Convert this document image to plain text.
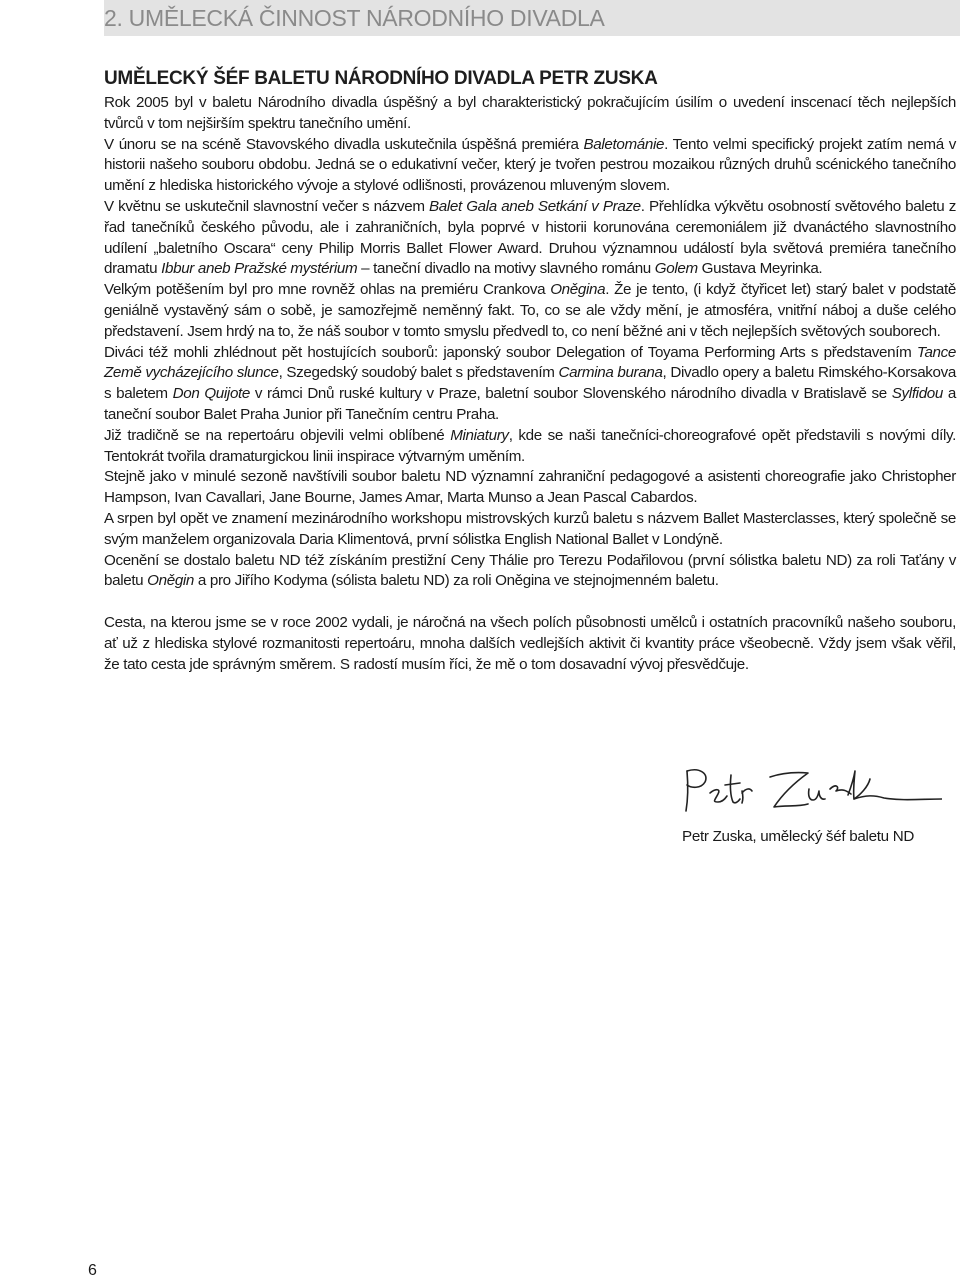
2. UMĚLECKÁ ČINNOST NÁRODNÍHO DIVADLA
UMĚLECKÝ ŠÉF BALETU NÁRODNÍHO DIVADLA PETR ZUSKA

Rok 2005 byl v baletu Národního divadla úspěšný a byl charakteristický pokračujícím úsilím o uvedení inscenací těch nejlepších tvůrců v tom nejširším spektru tanečního umění.

V únoru se na scéně Stavovského divadla uskutečnila úspěšná premiéra Baletománie. Tento velmi specifický projekt zatím nemá v historii našeho souboru obdobu. Jedná se o edukativní večer, který je tvořen pestrou mozaikou různých druhů scénického tanečního umění z hlediska historického vývoje a stylové odlišnosti, provázenou mluveným slovem.

V květnu se uskutečnil slavnostní večer s názvem Balet Gala aneb Setkání v Praze. Přehlídka výkvětu osobností světového baletu z řad tanečníků českého původu, ale i zahraničních, byla poprvé v historii korunována ceremoniálem již dvanáctého slavnostního udílení „baletního Oscara“ ceny Philip Morris Ballet Flower Award. Druhou významnou událostí byla světová premiéra tanečního dramatu Ibbur aneb Pražské mystérium – taneční divadlo na motivy slavného románu Golem Gustava Meyrinka.

Velkým potěšením byl pro mne rovněž ohlas na premiéru Crankova Oněgina. Že je tento, (i když čtyřicet let) starý balet v podstatě geniálně vystavěný sám o sobě, je samozřejmě neměnný fakt. To, co se ale vždy mění, je atmosféra, vnitřní náboj a duše celého představení. Jsem hrdý na to, že náš soubor v tomto smyslu předvedl to, co není běžné ani v těch nejlepších světových souborech.

Diváci též mohli zhlédnout pět hostujících souborů: japonský soubor Delegation of Toyama Performing Arts s představením Tance Země vycházejícího slunce, Szegedský soudobý balet s představením Carmina burana, Divadlo opery a baletu Rimského-Korsakova s baletem Don Quijote v rámci Dnů ruské kultury v Praze, baletní soubor Slovenského národního divadla v Bratislavě se Sylfidou a taneční soubor Balet Praha Junior při Tanečním centru Praha.

Již tradičně se na repertoáru objevili velmi oblíbené Miniatury, kde se naši tanečníci-choreografové opět představili s novými díly. Tentokrát tvořila dramaturgickou linii inspirace výtvarným uměním.

Stejně jako v minulé sezoně navštívili soubor baletu ND významní zahraniční pedagogové a asistenti choreografie jako Christopher Hampson, Ivan Cavallari, Jane Bourne, James Amar, Marta Munso a Jean Pascal Cabardos.

A srpen byl opět ve znamení mezinárodního workshopu mistrovských kurzů baletu s názvem Ballet Masterclasses, který společně se svým manželem organizovala Daria Klimentová, první sólistka English National Ballet v Londýně.

Ocenění se dostalo baletu ND též získáním prestižní Ceny Thálie pro Terezu Podařilovou (první sólistka baletu ND) za roli Taťány v baletu Oněgin a pro Jiřího Kodyma (sólista baletu ND) za roli Oněgina ve stejnojmenném baletu.

Cesta, na kterou jsme se v roce 2002 vydali, je náročná na všech polích působnosti umělců i ostatních pracovníků našeho souboru, ať už z hlediska stylové rozmanitosti repertoáru, mnoha dalších vedlejších aktivit či kvantity práce všeobecně. Vždy jsem však věřil, že tato cesta jde správným směrem. S radostí musím říci, že mě o tom dosavadní vývoj přesvědčuje.

Petr Zuska, umělecký šéf baletu ND

6
